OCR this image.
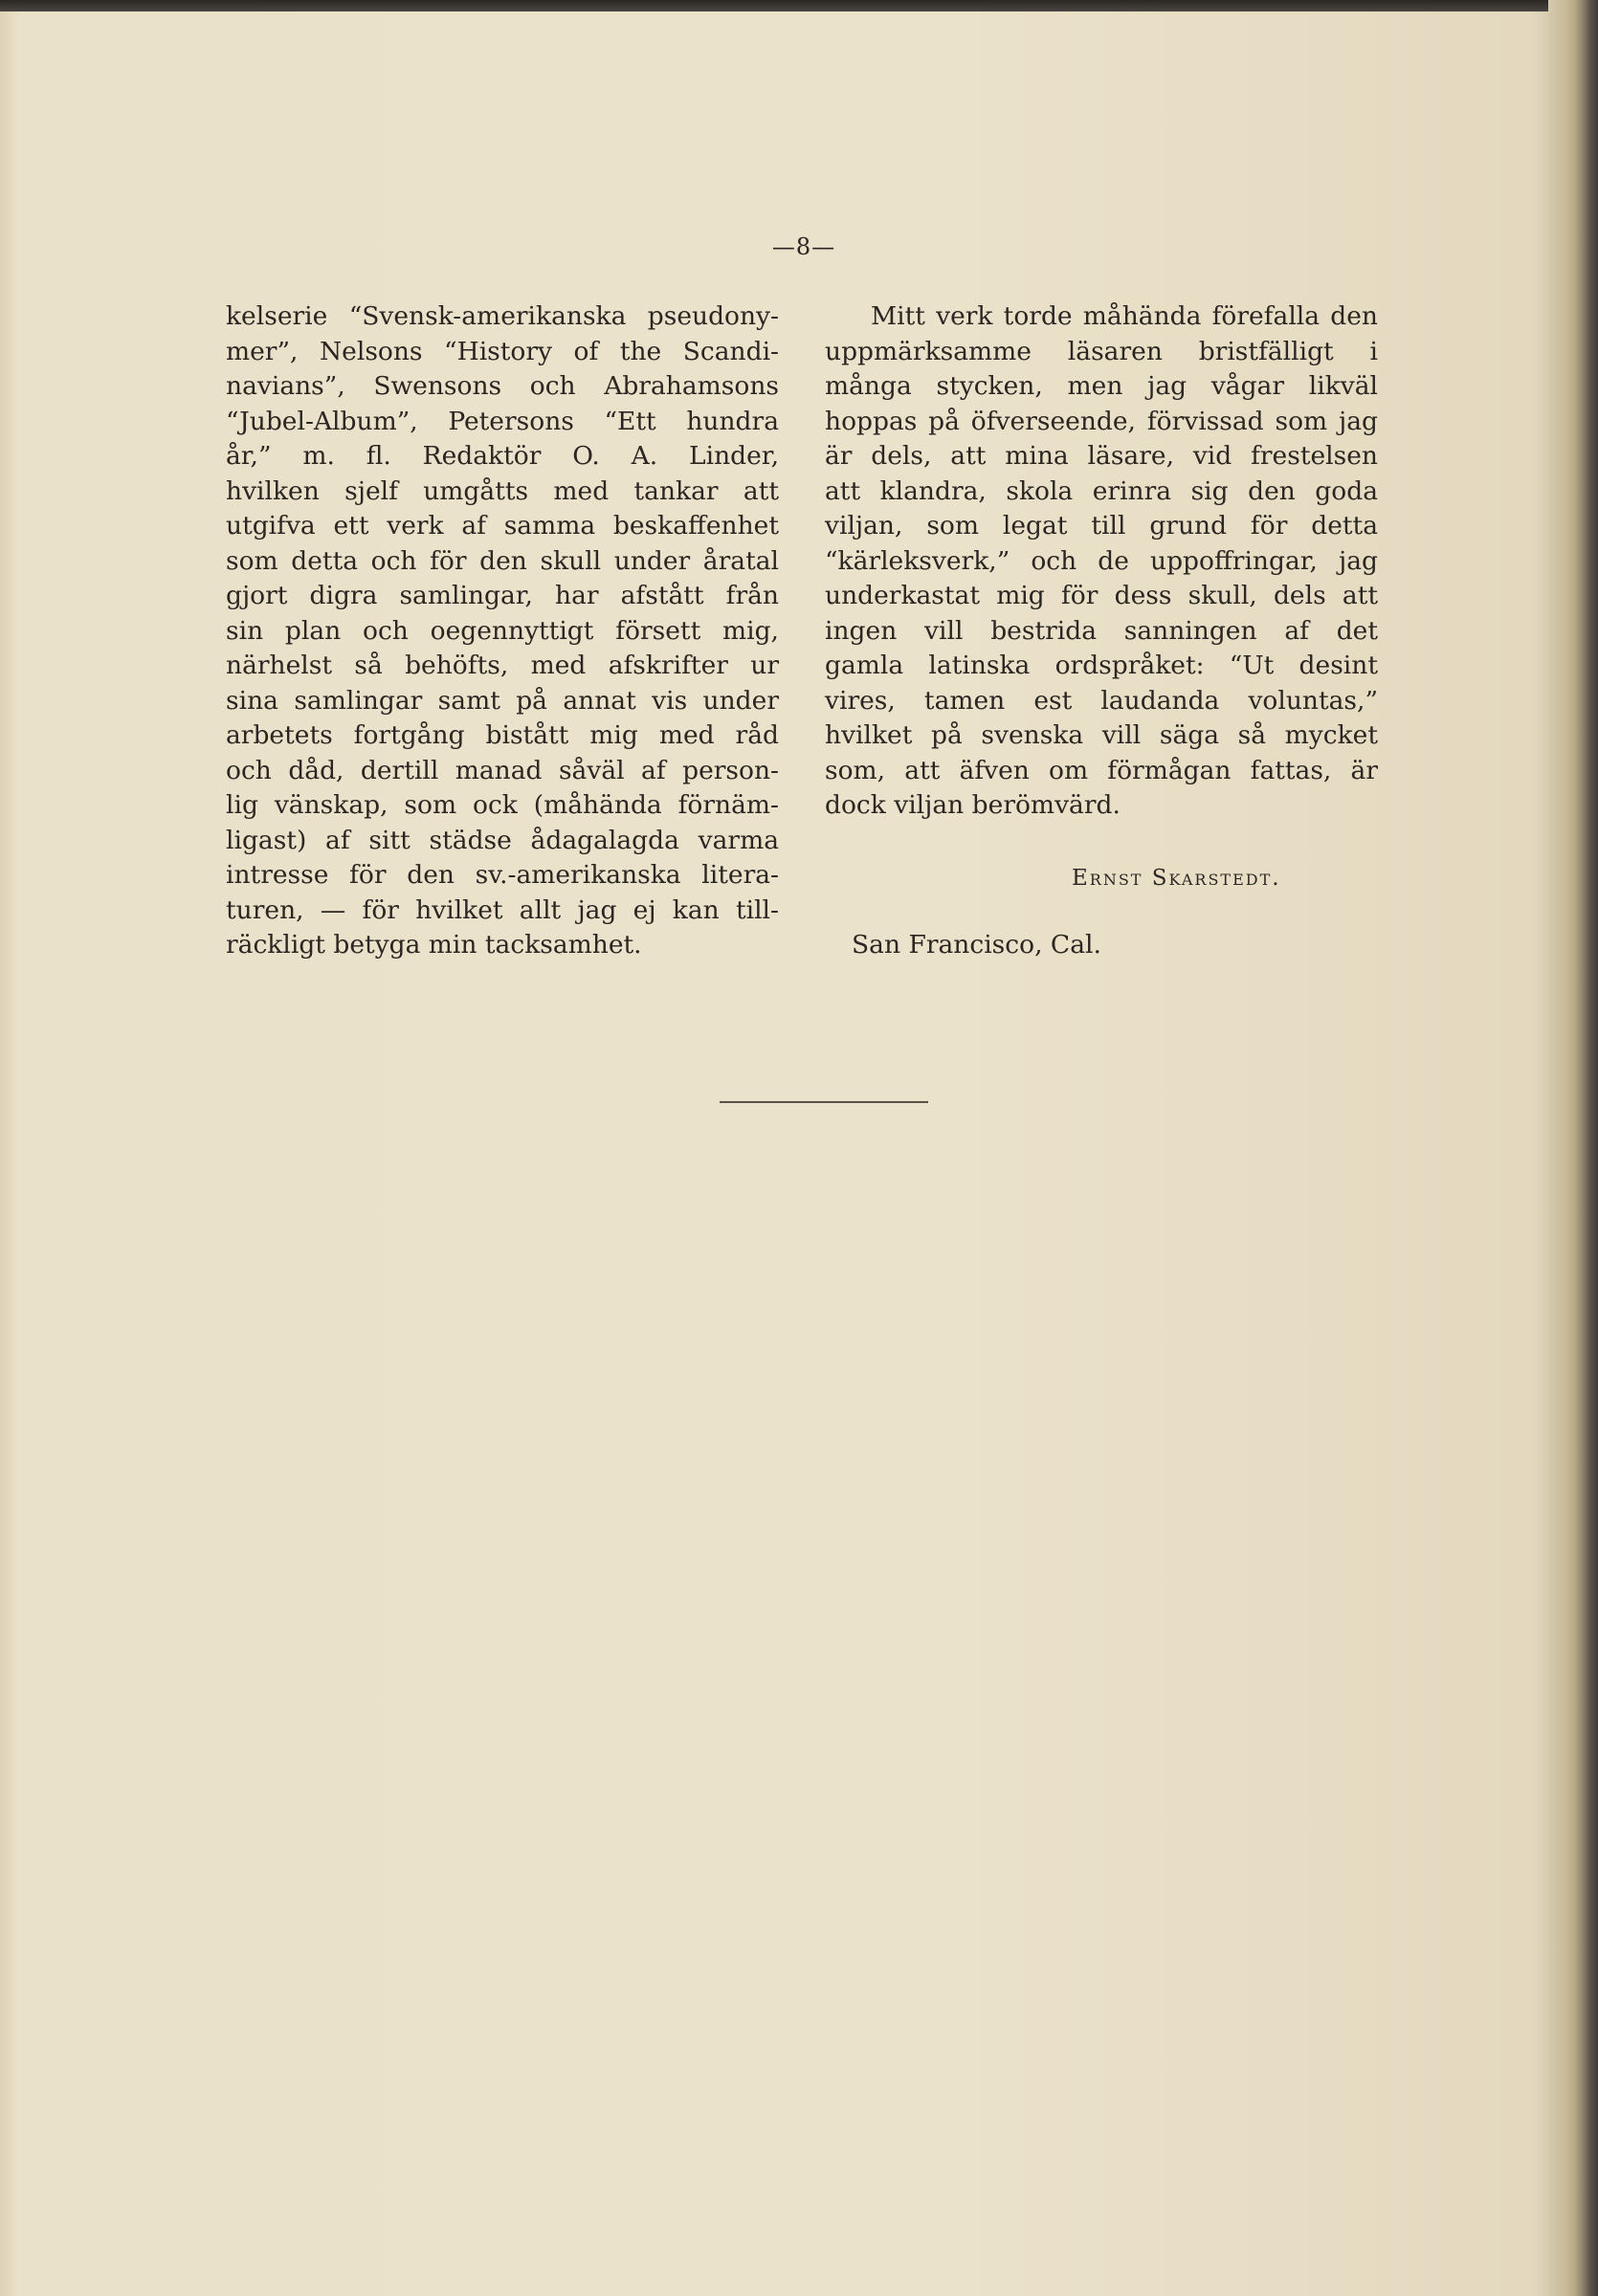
—8—

kelserie “Svensk-amerikanska pseudony-
mer”, Nelsons “History of the Scandi-
navians”, Swensons och Abrahamsons
“Jubel-Album”, Petersons “Ett hundra
år,” m. fl. Redaktör O. A. Linder,
hvilken sjelf umgåtts med tankar att
utgifva ett verk af samma beskaffenhet
som detta och för den skull under åratal
gjort digra samlingar, har afstått från
sin plan och oegennyttigt försett mig,
närhelst så behöfts, med afskrifter ur
sina samlingar samt på annat vis under
arbetets fortgång bistått mig med råd
och dåd, dertill manad såväl af person-
lig vänskap, som ock (måhända förnäm-
ligast) af sitt städse ådagalagda varma
intresse för den sv.-amerikanska litera-
turen, — för hvilket allt jag ej kan till-
räckligt betyga min tacksamhet.

Mitt verk torde måhända förefalla den
uppmärksamme läsaren bristfälligt i
många stycken, men jag vågar likväl
hoppas på öfverseende, förvissad som jag
är dels, att mina läsare, vid frestelsen
att klandra, skola erinra sig den goda
viljan, som legat till grund för detta
“kärleksverk,” och de uppoffringar, jag
underkastat mig för dess skull, dels att
ingen vill bestrida sanningen af det
gamla latinska ordspråket: “Ut desint
vires, tamen est laudanda voluntas,”
hvilket på svenska vill säga så mycket
som, att äfven om förmågan fattas, är
dock viljan berömvärd.

Ernst Skarstedt.
San Francisco, Cal.
